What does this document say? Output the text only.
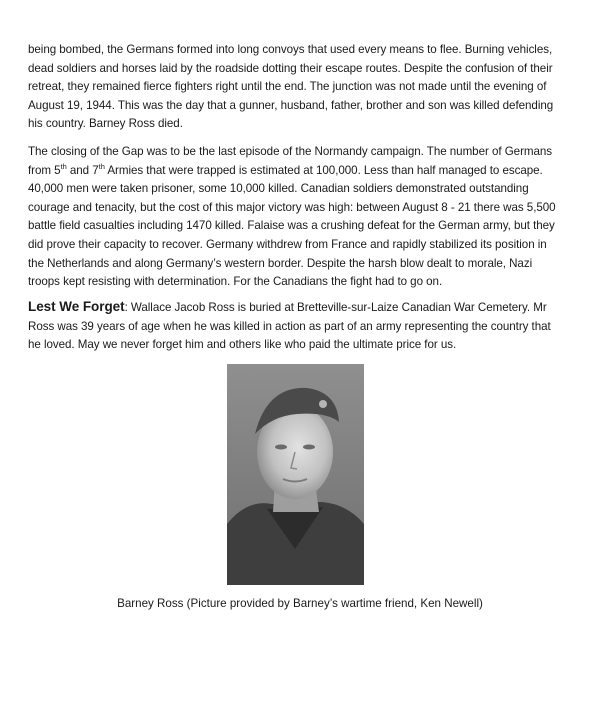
being bombed, the Germans formed into long convoys that used every means to flee. Burning vehicles,
dead soldiers and horses laid by the roadside dotting their escape routes. Despite the confusion of their
retreat, they remained fierce fighters right until the end. The junction was not made until the evening of
August 19, 1944. This was the day that a gunner, husband, father, brother and son was killed defending
his country. Barney Ross died.

The closing of the Gap was to be the last episode of the Normandy campaign. The number of Germans
from 5th and 7th Armies that were trapped is estimated at 100,000. Less than half managed to escape.
40,000 men were taken prisoner, some 10,000 killed. Canadian soldiers demonstrated outstanding
courage and tenacity, but the cost of this major victory was high: between August 8 - 21 there was 5,500
battle field casualties including 1470 killed. Falaise was a crushing defeat for the German army, but they
did prove their capacity to recover. Germany withdrew from France and rapidly stabilized its position in
the Netherlands and along Germany’s western border. Despite the harsh blow dealt to morale, Nazi
troops kept resisting with determination. For the Canadians the fight had to go on.

Lest We Forget: Wallace Jacob Ross is buried at Bretteville-sur-Laize Canadian War Cemetery. Mr
Ross was 39 years of age when he was killed in action as part of an army representing the country that
he loved. May we never forget him and others like who paid the ultimate price for us.

Barney Ross (Picture provided by Barney’s wartime friend, Ken Newell)
